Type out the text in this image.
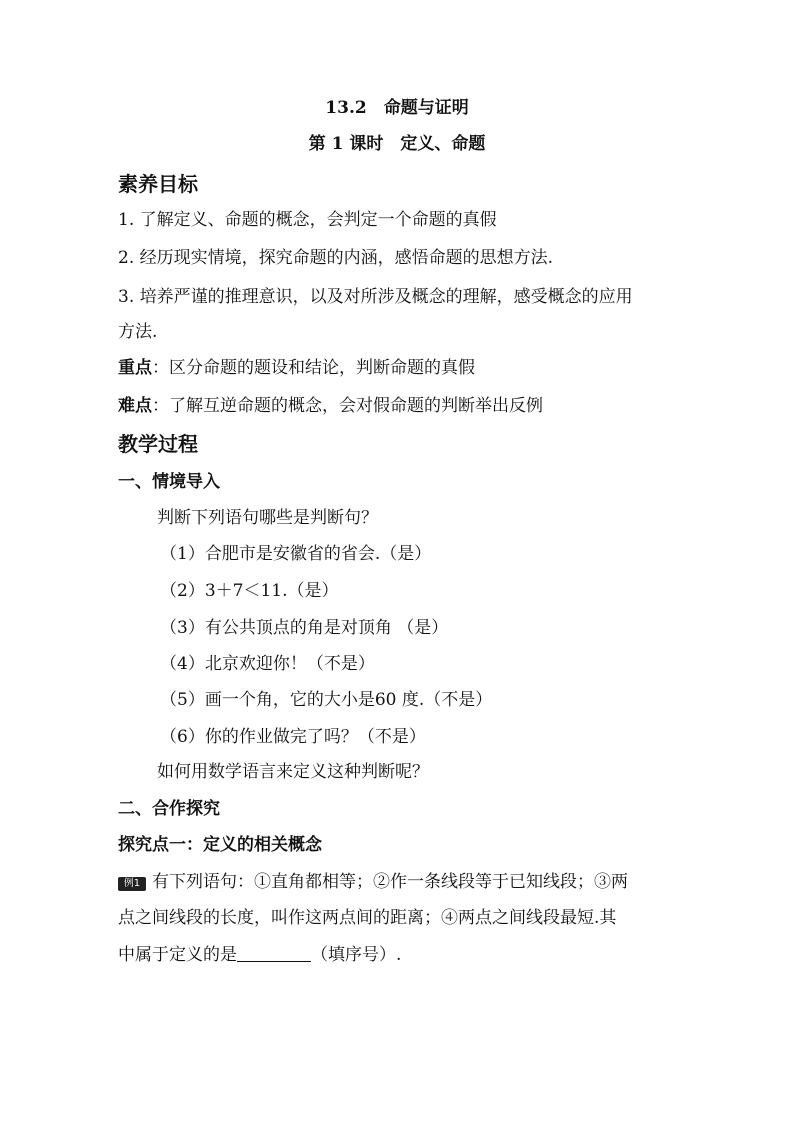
13.2　命题与证明
第 1 课时　定义、命题
素养目标
1. 了解定义、命题的概念，会判定一个命题的真假
2. 经历现实情境，探究命题的内涵，感悟命题的思想方法.
3. 培养严谨的推理意识，以及对所涉及概念的理解，感受概念的应用
方法.
重点：区分命题的题设和结论，判断命题的真假
难点：了解互逆命题的概念，会对假命题的判断举出反例
教学过程
一、情境导入
判断下列语句哪些是判断句？
（1）合肥市是安徽省的省会.（是）
（2）3＋7＜11.（是）
（3）有公共顶点的角是对顶角 （是）
（4）北京欢迎你！（不是）
（5）画一个角，它的大小是60 度.（不是）
（6）你的作业做完了吗？（不是）
如何用数学语言来定义这种判断呢？
二、合作探究
探究点一：定义的相关概念
例1 有下列语句：①直角都相等；②作一条线段等于已知线段；③两
点之间线段的长度，叫作这两点间的距离；④两点之间线段最短.其
中属于定义的是	（填序号）.
